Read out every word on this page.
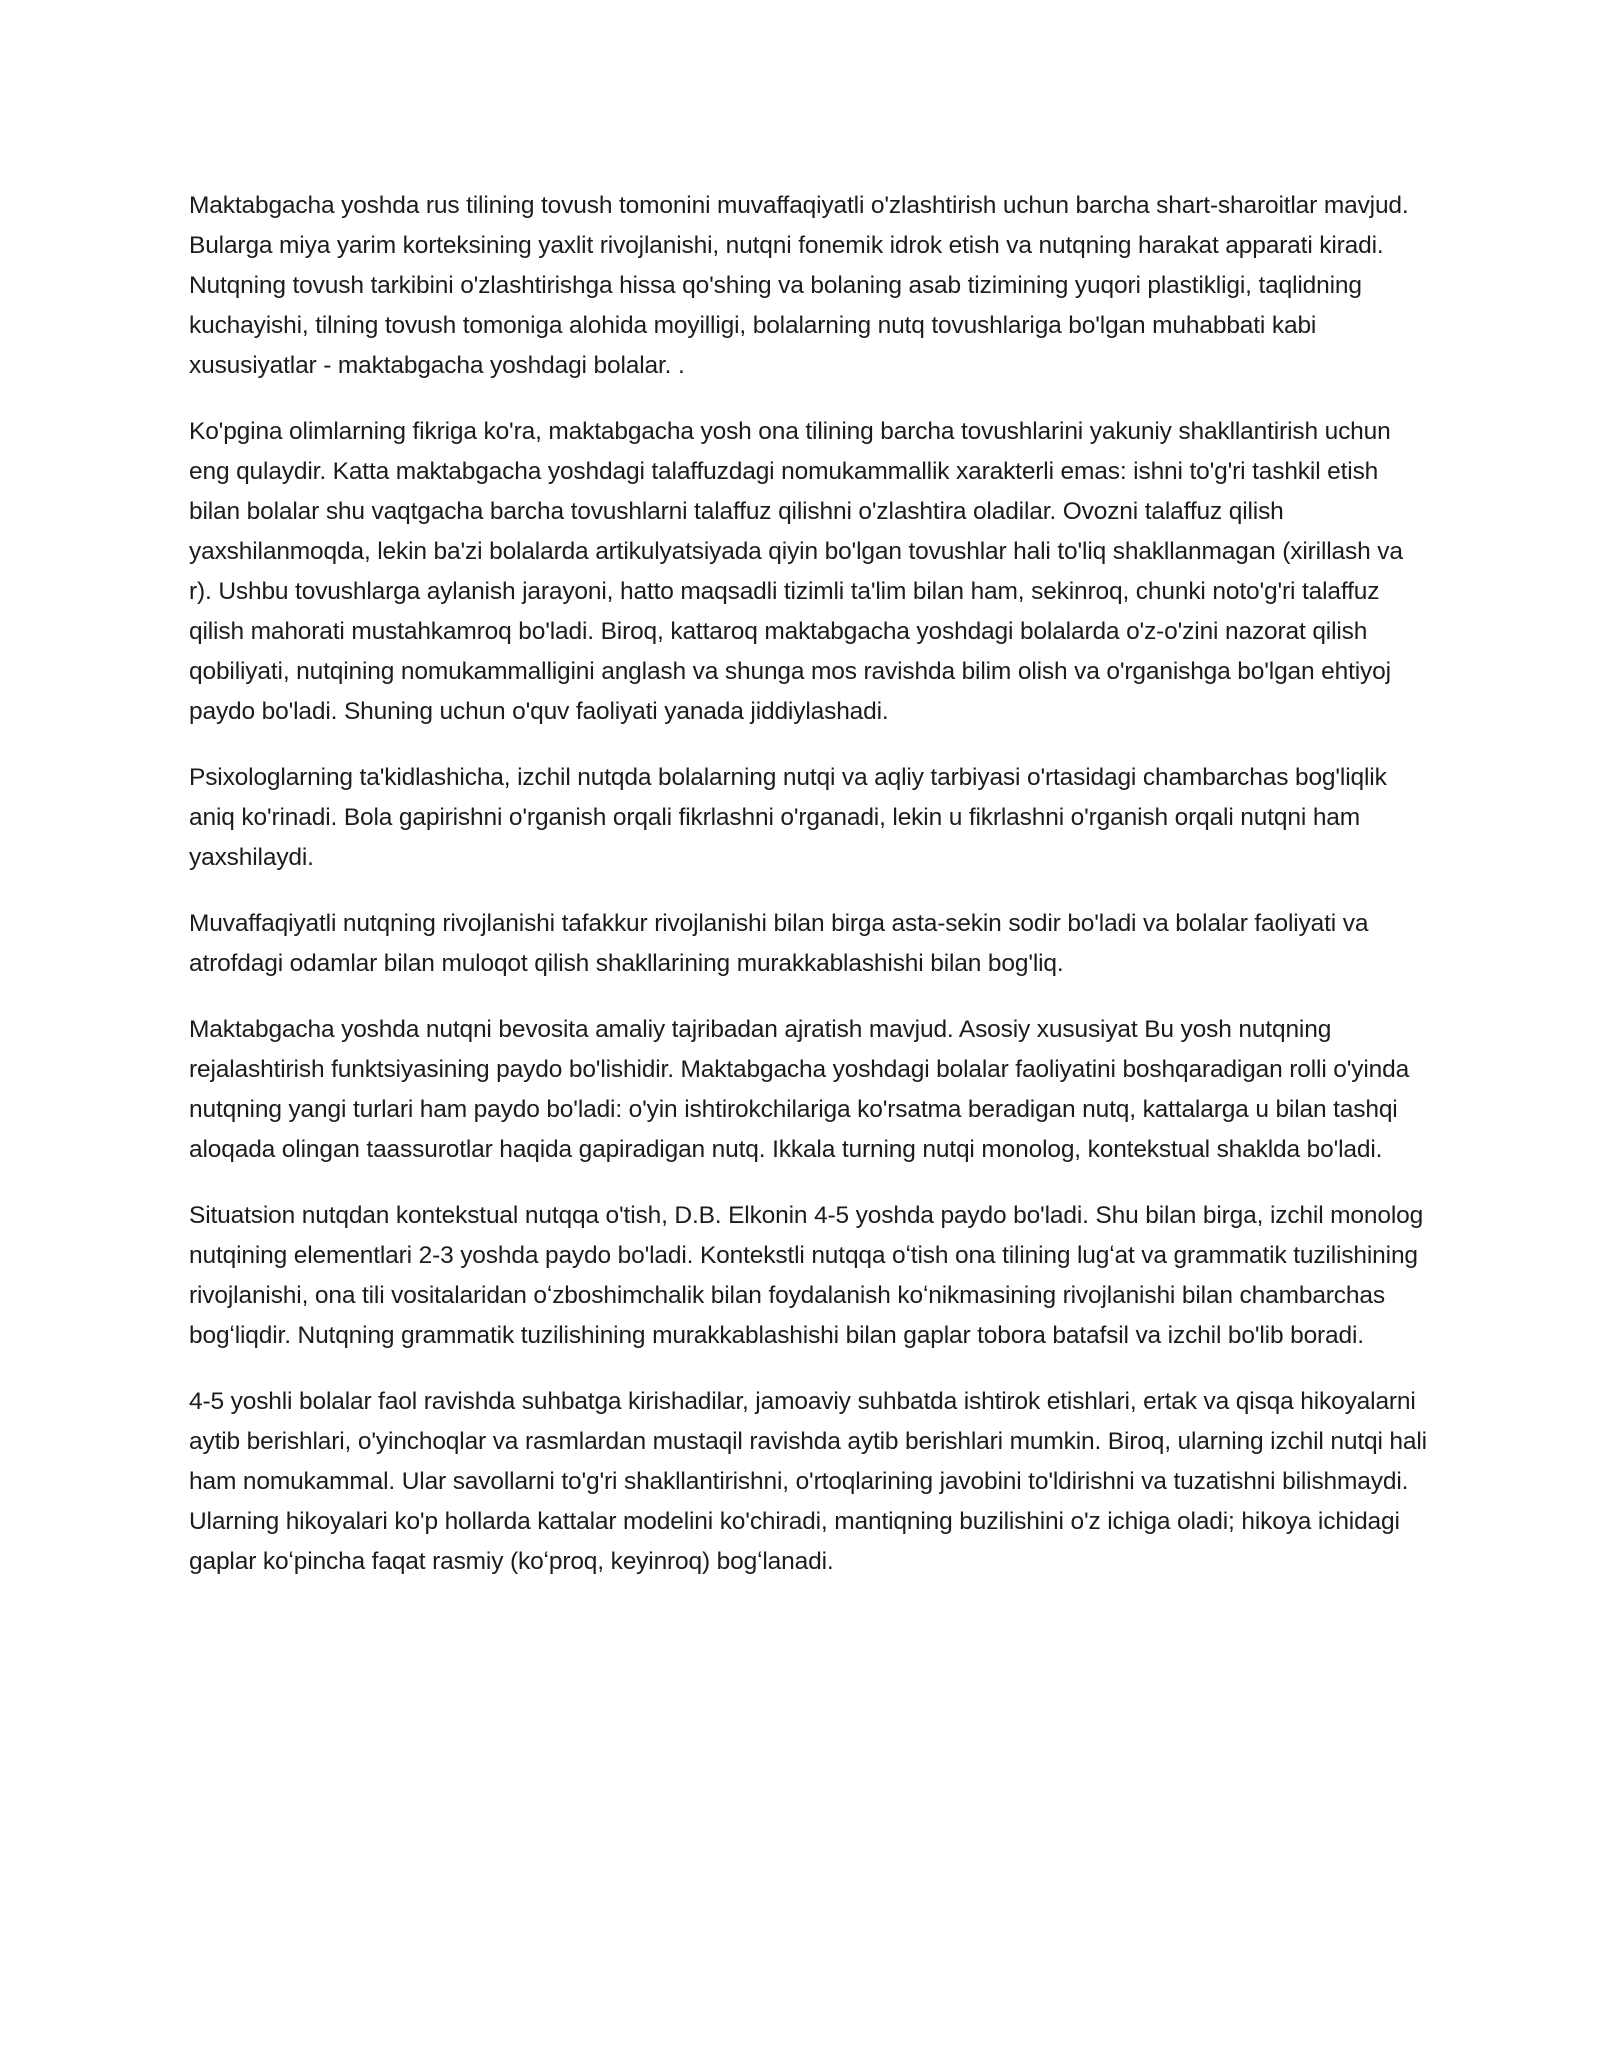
Maktabgacha yoshda rus tilining tovush tomonini muvaffaqiyatli o'zlashtirish uchun barcha shart-sharoitlar mavjud. Bularga miya yarim korteksining yaxlit rivojlanishi, nutqni fonemik idrok etish va nutqning harakat apparati kiradi. Nutqning tovush tarkibini o'zlashtirishga hissa qo'shing va bolaning asab tizimining yuqori plastikligi, taqlidning kuchayishi, tilning tovush tomoniga alohida moyilligi, bolalarning nutq tovushlariga bo'lgan muhabbati kabi xususiyatlar - maktabgacha yoshdagi bolalar. .

Ko'pgina olimlarning fikriga ko'ra, maktabgacha yosh ona tilining barcha tovushlarini yakuniy shakllantirish uchun eng qulaydir. Katta maktabgacha yoshdagi talaffuzdagi nomukammallik xarakterli emas: ishni to'g'ri tashkil etish bilan bolalar shu vaqtgacha barcha tovushlarni talaffuz qilishni o'zlashtira oladilar. Ovozni talaffuz qilish yaxshilanmoqda, lekin ba'zi bolalarda artikulyatsiyada qiyin bo'lgan tovushlar hali to'liq shakllanmagan (xirillash va r). Ushbu tovushlarga aylanish jarayoni, hatto maqsadli tizimli ta'lim bilan ham, sekinroq, chunki noto'g'ri talaffuz qilish mahorati mustahkamroq bo'ladi. Biroq, kattaroq maktabgacha yoshdagi bolalarda o'z-o'zini nazorat qilish qobiliyati, nutqining nomukammalligini anglash va shunga mos ravishda bilim olish va o'rganishga bo'lgan ehtiyoj paydo bo'ladi. Shuning uchun o'quv faoliyati yanada jiddiylashadi.

Psixologlarning ta'kidlashicha, izchil nutqda bolalarning nutqi va aqliy tarbiyasi o'rtasidagi chambarchas bog'liqlik aniq ko'rinadi. Bola gapirishni o'rganish orqali fikrlashni o'rganadi, lekin u fikrlashni o'rganish orqali nutqni ham yaxshilaydi.

Muvaffaqiyatli nutqning rivojlanishi tafakkur rivojlanishi bilan birga asta-sekin sodir bo'ladi va bolalar faoliyati va atrofdagi odamlar bilan muloqot qilish shakllarining murakkablashishi bilan bog'liq.

Maktabgacha yoshda nutqni bevosita amaliy tajribadan ajratish mavjud. Asosiy xususiyat Bu yosh nutqning rejalashtirish funktsiyasining paydo bo'lishidir. Maktabgacha yoshdagi bolalar faoliyatini boshqaradigan rolli o'yinda nutqning yangi turlari ham paydo bo'ladi: o'yin ishtirokchilariga ko'rsatma beradigan nutq, kattalarga u bilan tashqi aloqada olingan taassurotlar haqida gapiradigan nutq. Ikkala turning nutqi monolog, kontekstual shaklda bo'ladi.

Situatsion nutqdan kontekstual nutqqa o'tish, D.B. Elkonin 4-5 yoshda paydo bo'ladi. Shu bilan birga, izchil monolog nutqining elementlari 2-3 yoshda paydo bo'ladi. Kontekstli nutqqa oʻtish ona tilining lugʻat va grammatik tuzilishining rivojlanishi, ona tili vositalaridan oʻzboshimchalik bilan foydalanish koʻnikmasining rivojlanishi bilan chambarchas bogʻliqdir. Nutqning grammatik tuzilishining murakkablashishi bilan gaplar tobora batafsil va izchil bo'lib boradi.

4-5 yoshli bolalar faol ravishda suhbatga kirishadilar, jamoaviy suhbatda ishtirok etishlari, ertak va qisqa hikoyalarni aytib berishlari, o'yinchoqlar va rasmlardan mustaqil ravishda aytib berishlari mumkin. Biroq, ularning izchil nutqi hali ham nomukammal. Ular savollarni to'g'ri shakllantirishni, o'rtoqlarining javobini to'ldirishni va tuzatishni bilishmaydi. Ularning hikoyalari ko'p hollarda kattalar modelini ko'chiradi, mantiqning buzilishini o'z ichiga oladi; hikoya ichidagi gaplar koʻpincha faqat rasmiy (koʻproq, keyinroq) bogʻlanadi.
